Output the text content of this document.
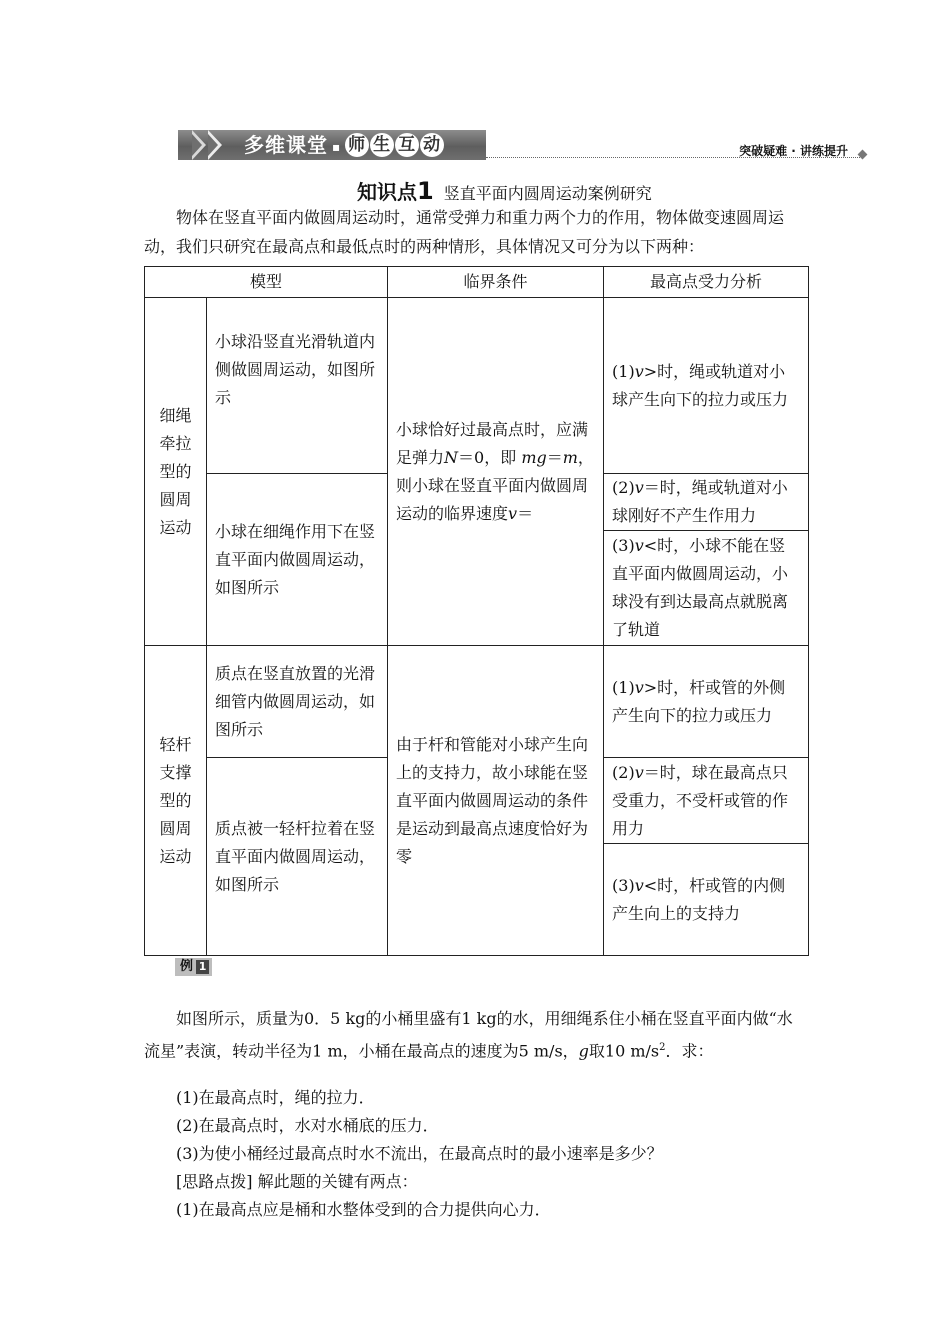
多维课堂 ▪ 师 生 互 动	突破疑难 · 讲练提升
知识点1 竖直平面内圆周运动案例研究
物体在竖直平面内做圆周运动时，通常受弹力和重力两个力的作用，物体做变速圆周运动，我们只研究在最高点和最低点时的两种情形，具体情况又可分为以下两种：
模型		临界条件	最高点受力分析
细绳牵拉型的圆周运动	小球沿竖直光滑轨道内侧做圆周运动，如图所示	小球恰好过最高点时，应满足弹力N＝0，即 mg＝m，则小球在竖直平面内做圆周运动的临界速度v＝	(1)v>时，绳或轨道对小球产生向下的拉力或压力
	小球在细绳作用下在竖直平面内做圆周运动，如图所示		(2)v＝时，绳或轨道对小球刚好不产生作用力
			(3)v<时，小球不能在竖直平面内做圆周运动，小球没有到达最高点就脱离了轨道
轻杆支撑型的圆周运动	质点在竖直放置的光滑细管内做圆周运动，如图所示	由于杆和管能对小球产生向上的支持力，故小球能在竖直平面内做圆周运动的条件是运动到最高点速度恰好为零	(1)v>时，杆或管的外侧产生向下的拉力或压力
	质点被一轻杆拉着在竖直平面内做圆周运动，如图所示		(2)v＝时，球在最高点只受重力，不受杆或管的作用力
			(3)v<时，杆或管的内侧产生向上的支持力
例 1
如图所示，质量为0．5 kg的小桶里盛有1 kg的水，用细绳系住小桶在竖直平面内做“水流星”表演，转动半径为1 m，小桶在最高点的速度为5 m/s，g取10 $m/s^2$．求：
(1)在最高点时，绳的拉力．
(2)在最高点时，水对水桶底的压力．
(3)为使小桶经过最高点时水不流出，在最高点时的最小速率是多少？
[思路点拨] 解此题的关键有两点：
(1)在最高点应是桶和水整体受到的合力提供向心力．
